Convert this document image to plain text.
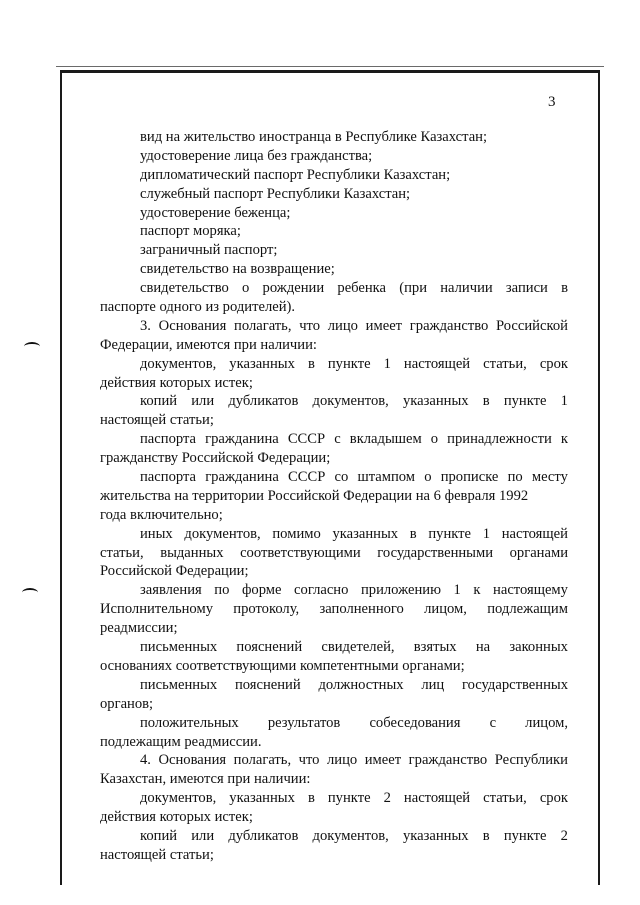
3
вид на жительство иностранца в Республике Казахстан;
удостоверение лица без гражданства;
дипломатический паспорт Республики Казахстан;
служебный паспорт Республики Казахстан;
удостоверение беженца;
паспорт моряка;
заграничный паспорт;
свидетельство на возвращение;
свидетельство о рождении ребенка (при наличии записи в
паспорте одного из родителей).
3. Основания полагать, что лицо имеет гражданство Российской
Федерации, имеются при наличии:
документов, указанных в пункте 1 настоящей статьи, срок
действия которых истек;
копий или дубликатов документов, указанных в пункте 1
настоящей статьи;
паспорта гражданина СССР с вкладышем о принадлежности к
гражданству Российской Федерации;
паспорта гражданина СССР со штампом о прописке по месту
жительства на территории Российской Федерации на 6 февраля 1992
года включительно;
иных документов, помимо указанных в пункте 1 настоящей
статьи, выданных соответствующими государственными органами
Российской Федерации;
заявления по форме согласно приложению 1 к настоящему
Исполнительному протоколу, заполненного лицом, подлежащим
реадмиссии;
письменных пояснений свидетелей, взятых на законных
основаниях соответствующими компетентными органами;
письменных пояснений должностных лиц государственных
органов;
положительных результатов собеседования с лицом,
подлежащим реадмиссии.
4. Основания полагать, что лицо имеет гражданство Республики
Казахстан, имеются при наличии:
документов, указанных в пункте 2 настоящей статьи, срок
действия которых истек;
копий или дубликатов документов, указанных в пункте 2
настоящей статьи;
